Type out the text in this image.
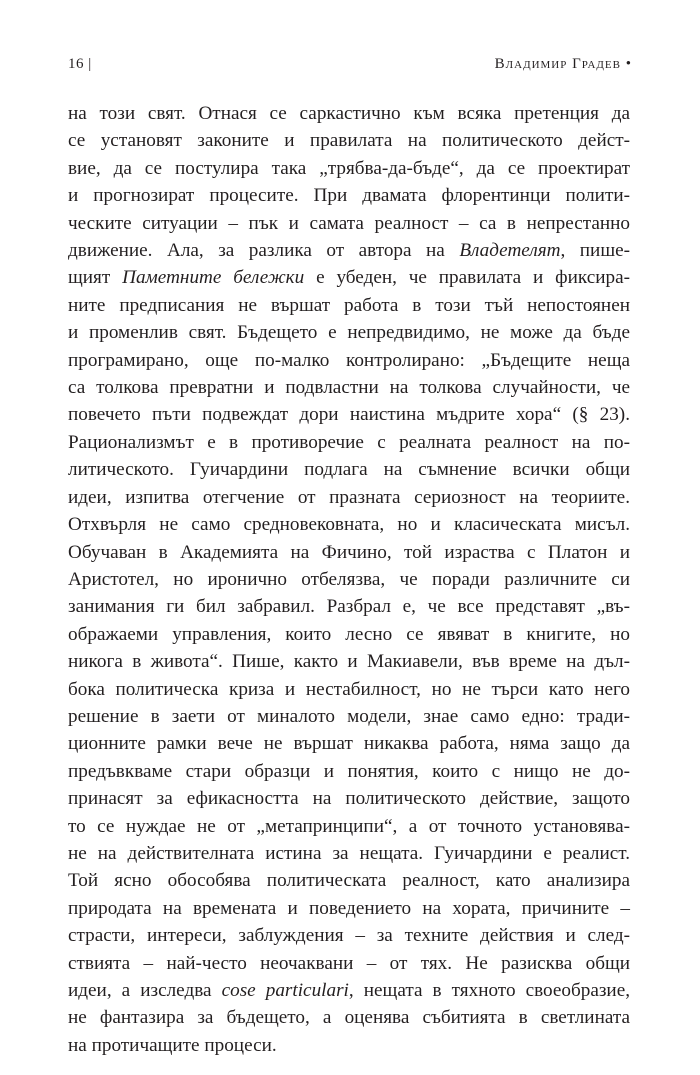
16 |	Владимир Градев •
на този свят. Отнася се саркастично към всяка претенция да
се установят законите и правилата на политическото дейст-
вие, да се постулира така „трябва-да-бъде“, да се проектират
и прогнозират процесите. При двамата флорентинци полити-
ческите ситуации – пък и самата реалност – са в непрестанно
движение. Ала, за разлика от автора на Владетелят, пише-
щият Паметните бележки е убеден, че правилата и фиксира-
ните предписания не вършат работа в този тъй непостоянен
и променлив свят. Бъдещето е непредвидимо, не може да бъде
програмирано, още по-малко контролирано: „Бъдещите неща
са толкова превратни и подвластни на толкова случайности, че
повечето пъти подвеждат дори наистина мъдрите хора“ (§ 23).
Рационализмът е в противоречие с реалната реалност на по-
литическото. Гуичардини подлага на съмнение всички общи
идеи, изпитва отегчение от празната сериозност на теориите.
Отхвърля не само средновековната, но и класическата мисъл.
Обучаван в Академията на Фичино, той израства с Платон и
Аристотел, но иронично отбелязва, че поради различните си
занимания ги бил забравил. Разбрал е, че все представят „въ-
ображаеми управления, които лесно се явяват в книгите, но
никога в живота“. Пише, както и Макиавели, във време на дъл-
бока политическа криза и нестабилност, но не търси като него
решение в заети от миналото модели, знае само едно: тради-
ционните рамки вече не вършат никаква работа, няма защо да
предъвкваме стари образци и понятия, които с нищо не до-
принасят за ефикасността на политическото действие, защото
то се нуждае не от „метапринципи“, а от точното установява-
не на действителната истина за нещата. Гуичардини е реалист.
Той ясно обособява политическата реалност, като анализира
природата на времената и поведението на хората, причините –
страсти, интереси, заблуждения – за техните действия и след-
ствията – най-често неочаквани – от тях. Не разисква общи
идеи, а изследва cose particulari, нещата в тяхното своеобразие,
не фантазира за бъдещето, а оценява събитията в светлината
на протичащите процеси.
